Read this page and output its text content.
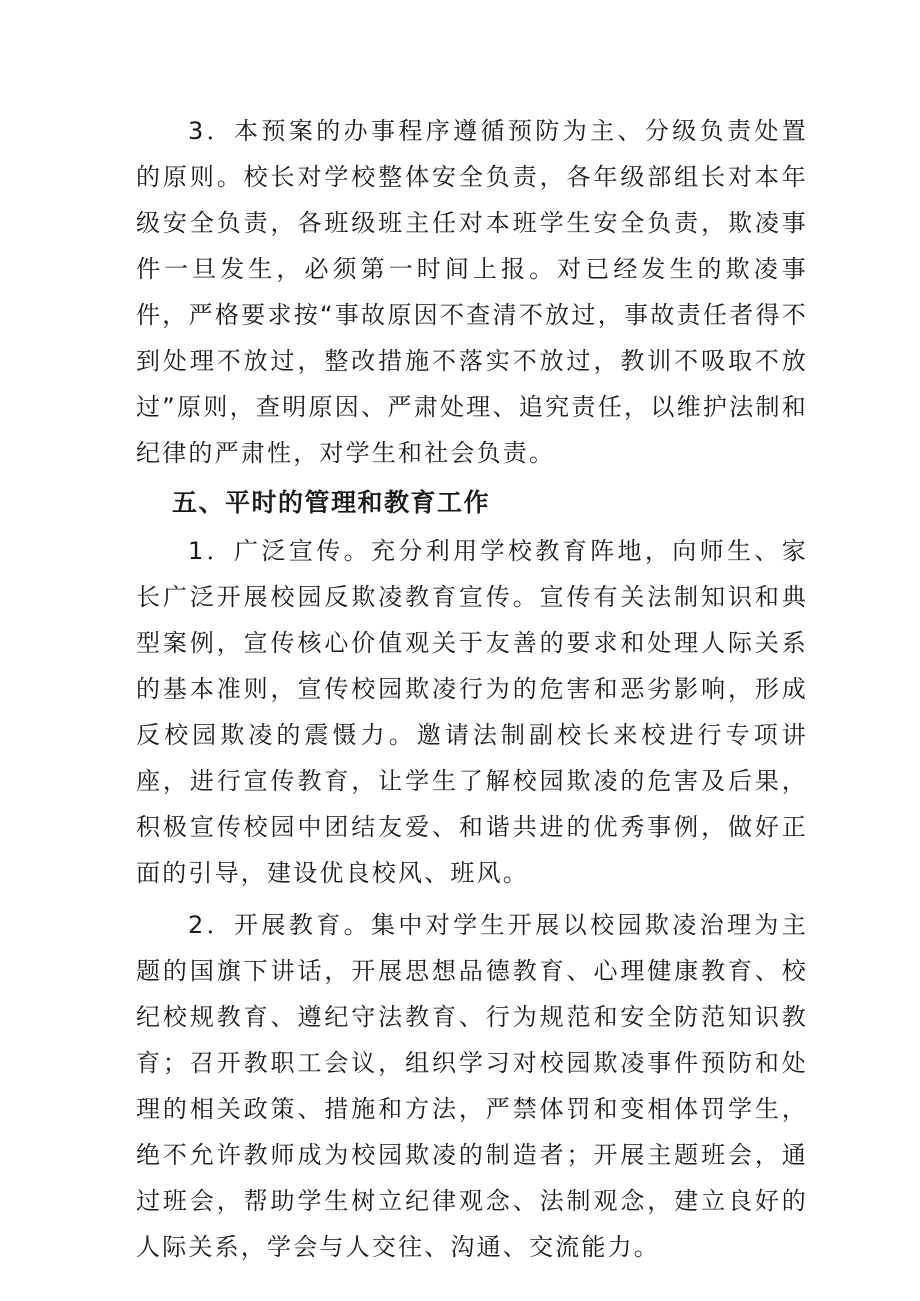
3．本预案的办事程序遵循预防为主、分级负责处置的原则。校长对学校整体安全负责，各年级部组长对本年级安全负责，各班级班主任对本班学生安全负责，欺凌事件一旦发生，必须第一时间上报。对已经发生的欺凌事件，严格要求按“事故原因不查清不放过，事故责任者得不到处理不放过，整改措施不落实不放过，教训不吸取不放过”原则，查明原因、严肃处理、追究责任，以维护法制和纪律的严肃性，对学生和社会负责。

五、平时的管理和教育工作

1．广泛宣传。充分利用学校教育阵地，向师生、家长广泛开展校园反欺凌教育宣传。宣传有关法制知识和典型案例，宣传核心价值观关于友善的要求和处理人际关系的基本准则，宣传校园欺凌行为的危害和恶劣影响，形成反校园欺凌的震慑力。邀请法制副校长来校进行专项讲座，进行宣传教育，让学生了解校园欺凌的危害及后果，积极宣传校园中团结友爱、和谐共进的优秀事例，做好正面的引导，建设优良校风、班风。

2．开展教育。集中对学生开展以校园欺凌治理为主题的国旗下讲话，开展思想品德教育、心理健康教育、校纪校规教育、遵纪守法教育、行为规范和安全防范知识教育；召开教职工会议，组织学习对校园欺凌事件预防和处理的相关政策、措施和方法，严禁体罚和变相体罚学生，绝不允许教师成为校园欺凌的制造者；开展主题班会，通过班会，帮助学生树立纪律观念、法制观念，建立良好的人际关系，学会与人交往、沟通、交流能力。
